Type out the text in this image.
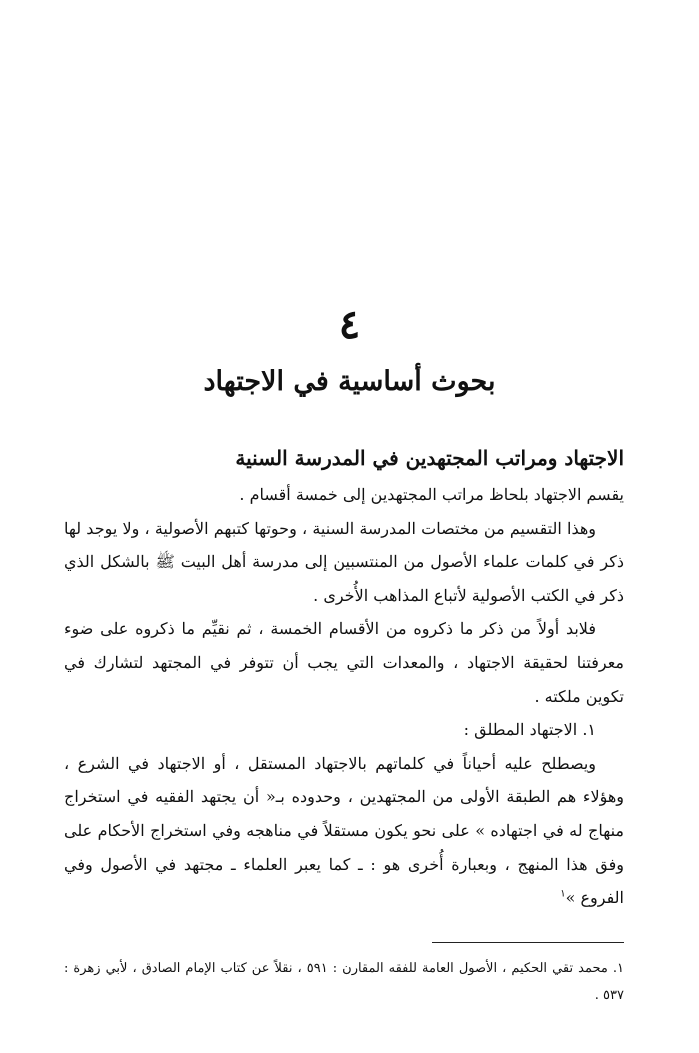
٤
بحوث أساسية في الاجتهاد
الاجتهاد ومراتب المجتهدين في المدرسة السنية

يقسم الاجتهاد بلحاظ مراتب المجتهدين إلى خمسة أقسام .

وهذا التقسيم من مختصات المدرسة السنية ، وحوتها كتبهم الأصولية ، ولا يوجد لها ذكر في كلمات علماء الأصول من المنتسبين إلى مدرسة أهل البيت ﷺ بالشكل الذي ذكر في الكتب الأصولية لأتباع المذاهب الأُخرى .

فلابد أولاً من ذكر ما ذكروه من الأقسام الخمسة ، ثم نقيِّم ما ذكروه على ضوء معرفتنا لحقيقة الاجتهاد ، والمعدات التي يجب أن تتوفر في المجتهد لتشارك في تكوين ملكته .

١. الاجتهاد المطلق :

ويصطلح عليه أحياناً في كلماتهم بالاجتهاد المستقل ، أو الاجتهاد في الشرع ، وهؤلاء هم الطبقة الأولى من المجتهدين ، وحدوده بـ« أن يجتهد الفقيه في استخراج منهاج له في اجتهاده » على نحو يكون مستقلاً في مناهجه وفي استخراج الأحكام على وفق هذا المنهج ، وبعبارة أُخرى هو : ـ كما يعبر العلماء ـ مجتهد في الأصول وفي الفروع »$^١$

١. محمد تقي الحكيم ، الأصول العامة للفقه المقارن : ٥٩١ ، نقلاً عن كتاب الإمام الصادق ، لأبي زهرة : ٥٣٧ .
